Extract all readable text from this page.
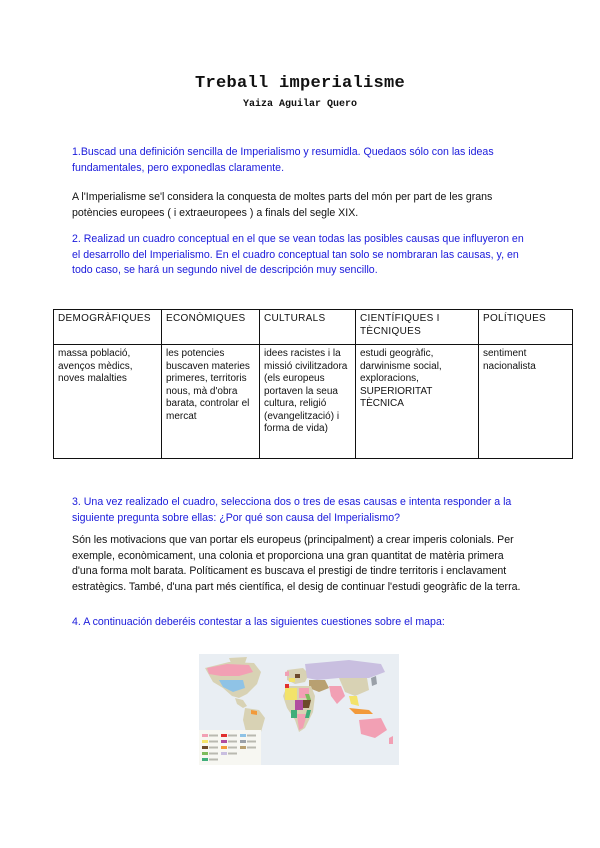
Treball imperialisme
Yaiza Aguilar Quero

1.Buscad una definición sencilla de Imperialismo y resumidla. Quedaos sólo con las ideas fundamentales, pero exponedlas claramente.

A l'Imperialisme se'l considera la conquesta de moltes parts del món per part de les grans potències europees ( i extraeuropees ) a finals del segle XIX.

2. Realizad un cuadro conceptual en el que se vean todas las posibles causas que influyeron en el desarrollo del Imperialismo. En el cuadro conceptual tan solo se nombraran las causas, y, en todo caso, se hará un segundo nivel de descripción muy sencillo.

DEMOGRÀFIQUES	ECONÒMIQUES	CULTURALS	CIENTÍFIQUES I TÈCNIQUES	POLÍTIQUES
massa població, avenços mèdics, noves malalties	les potencies buscaven materies primeres, territoris nous, mà d'obra barata, controlar el mercat	idees racistes i la missió civilitzadora (els europeus portaven la seua cultura, religió (evangelització) i forma de vida)	estudi geogràfic, darwinisme social, exploracions, SUPERIORITAT TÈCNICA	sentiment nacionalista

3. Una vez realizado el cuadro, selecciona dos o tres de esas causas e intenta responder a la siguiente pregunta sobre ellas: ¿Por qué son causa del Imperialismo?

Són les motivacions que van portar els europeus (principalment) a crear imperis colonials. Per exemple, econòmicament, una colonia et proporciona una gran quantitat de matèria primera d'una forma molt barata. Políticament es buscava el prestigi de tindre territoris i enclavament estratègics. També, d'una part més científica, el desig de continuar l'estudi geogràfic de la terra.

4. A continuación deberéis contestar a las siguientes cuestiones sobre el mapa:
